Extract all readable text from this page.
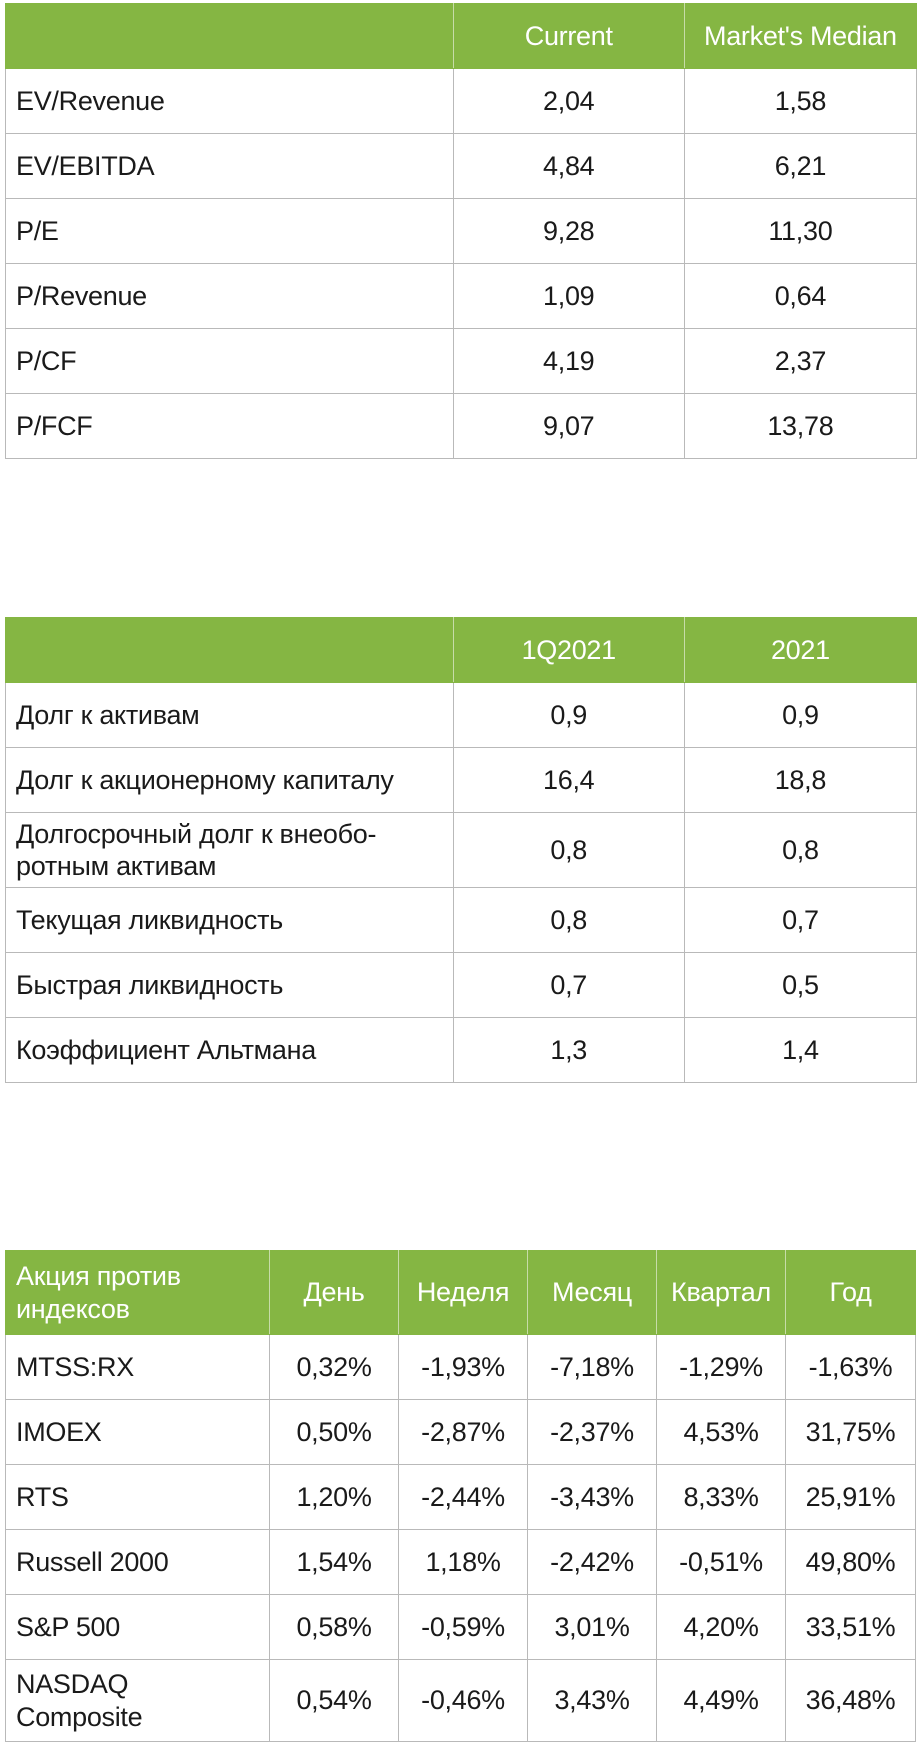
	Current	Market's Median
EV/Revenue	2,04	1,58
EV/EBITDA	4,84	6,21
P/E	9,28	11,30
P/Revenue	1,09	0,64
P/CF	4,19	2,37
P/FCF	9,07	13,78
	1Q2021	2021
Долг к активам	0,9	0,9
Долг к акционерному капиталу	16,4	18,8
Долгосрочный долг к внеобо-ротным активам	0,8	0,8
Текущая ликвидность	0,8	0,7
Быстрая ликвидность	0,7	0,5
Коэффициент Альтмана	1,3	1,4
Акция против индексов	День	Неделя	Месяц	Квартал	Год
MTSS:RX	0,32%	-1,93%	-7,18%	-1,29%	-1,63%
IMOEX	0,50%	-2,87%	-2,37%	4,53%	31,75%
RTS	1,20%	-2,44%	-3,43%	8,33%	25,91%
Russell 2000	1,54%	1,18%	-2,42%	-0,51%	49,80%
S&P 500	0,58%	-0,59%	3,01%	4,20%	33,51%
NASDAQ Composite	0,54%	-0,46%	3,43%	4,49%	36,48%
